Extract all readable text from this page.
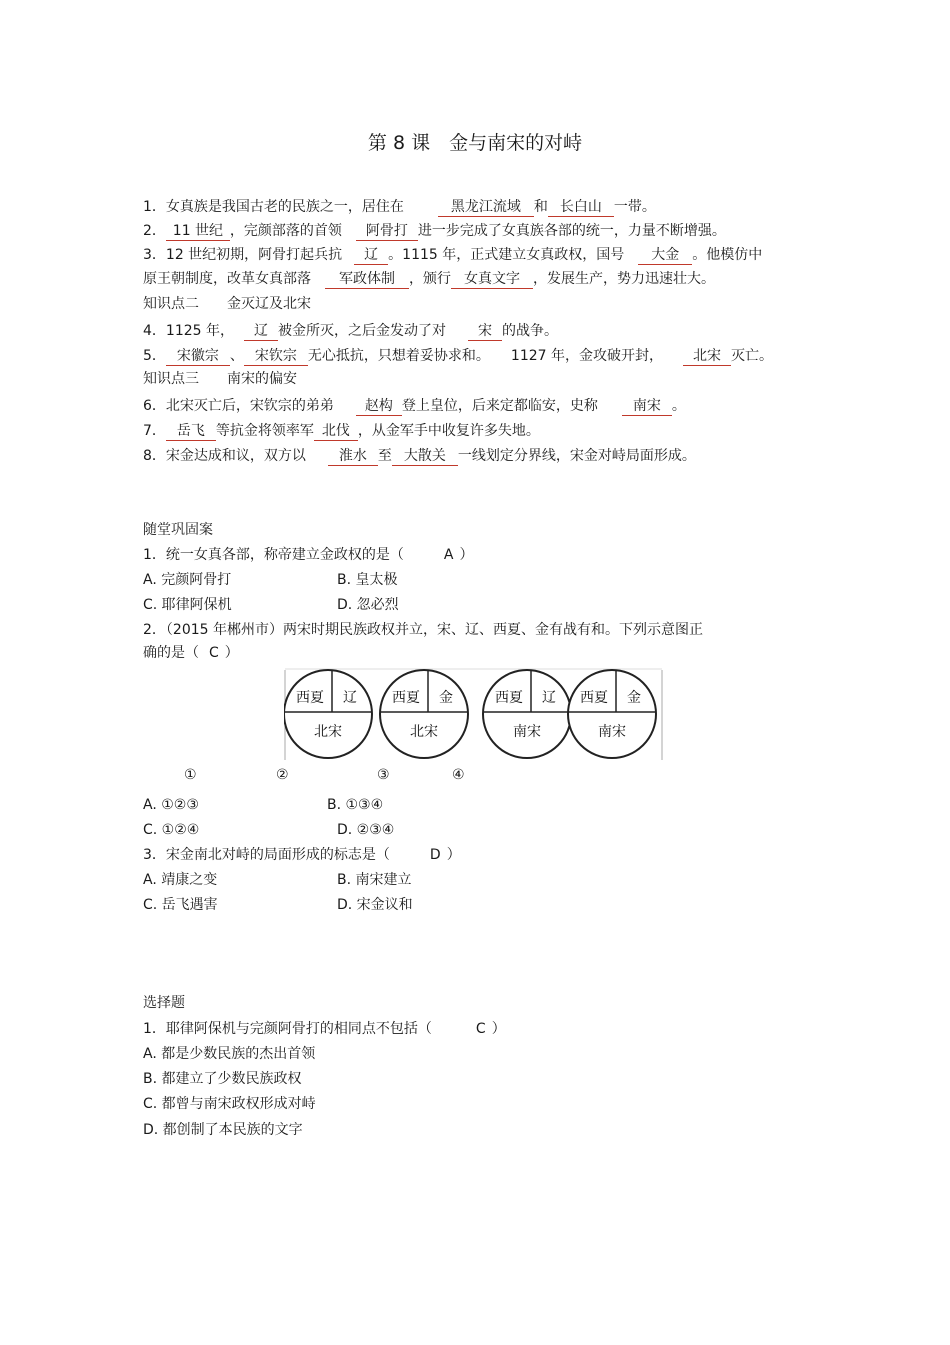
第 8 课　金与南宋的对峙
1．女真族是我国古老的民族之一，居住在	黑龙江流域 和 长白山 一带。
2． 11 世纪 ，完颜部落的首领 阿骨打 进一步完成了女真族各部的统一，力量不断增强。
3．12 世纪初期，阿骨打起兵抗 辽 。1115 年，正式建立女真政权，国号 大金 。他模仿中
原王朝制度，改革女真部落 军政体制 ，颁行 女真文字 ，发展生产，势力迅速壮大。
知识点二　　金灭辽及北宋
4．1125 年， 辽 被金所灭，之后金发动了对 宋 的战争。
5． 宋徽宗 、 宋钦宗 无心抵抗，只想着妥协求和。　　1127 年，金攻破开封， 北宋 灭亡。
知识点三　　南宋的偏安
6．北宋灭亡后，宋钦宗的弟弟 赵构 登上皇位，后来定都临安，史称	南宋 。
7． 岳飞 等抗金将领率军 北伐 ，从金军手中收复许多失地。
8．宋金达成和议，双方以 淮水 至 大散关 一线划定分界线，宋金对峙局面形成。
随堂巩固案
1．统一女真各部，称帝建立金政权的是（	A ）
A. 完颜阿骨打	B. 皇太极
C. 耶律阿保机	D. 忽必烈
2．（2015 年郴州市）两宋时期民族政权并立，宋、辽、西夏、金有战有和。下列示意图正
确的是（ C ）
西夏 辽
北宋
西夏 金
北宋
西夏 辽
南宋
西夏 金
南宋
①	②	③	④
A. ①②③	B. ①③④
C. ①②④	D. ②③④
3．宋金南北对峙的局面形成的标志是（	D ）
A. 靖康之变	B. 南宋建立
C. 岳飞遇害	D. 宋金议和
选择题
1．耶律阿保机与完颜阿骨打的相同点不包括（	C ）
A. 都是少数民族的杰出首领
B. 都建立了少数民族政权
C. 都曾与南宋政权形成对峙
D. 都创制了本民族的文字
